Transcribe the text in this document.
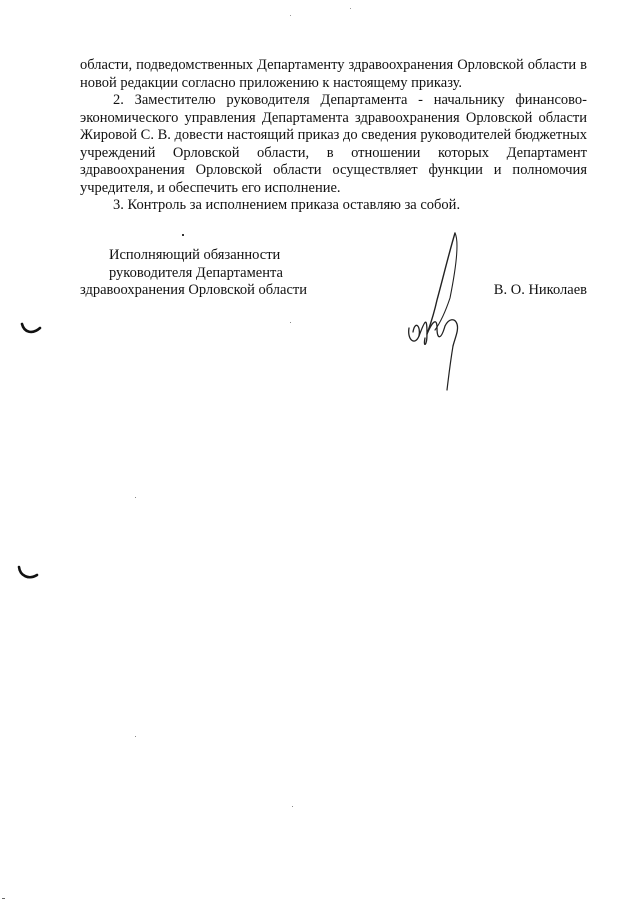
области, подведомственных Департаменту здравоохранения Орловской области в новой редакции согласно приложению к настоящему приказу.

2. Заместителю руководителя Департамента - начальнику финансово-экономического управления Департамента здравоохранения Орловской области Жировой С. В. довести настоящий приказ до сведения руководителей бюджетных учреждений Орловской области, в отношении которых Департамент здравоохранения Орловской области осуществляет функции и полномочия учредителя, и обеспечить его исполнение.

3. Контроль за исполнением приказа оставляю за собой.

Исполняющий обязанности
руководителя Департамента
здравоохранения Орловской области	В. О. Николаев
